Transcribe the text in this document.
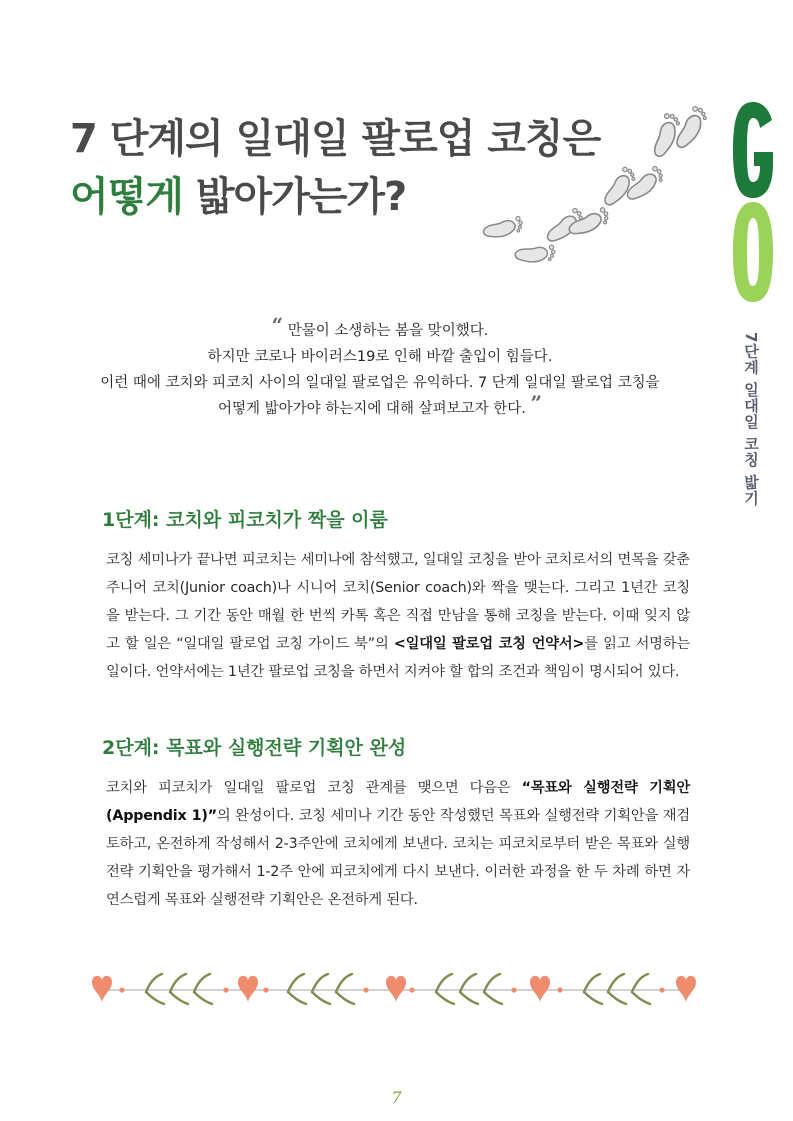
7 단계의 일대일 팔로업 코칭은
어떻게 밟아가는가?
7단계 일대일 코칭 밟기
“ 만물이 소생하는 봄을 맞이했다.
하지만 코로나 바이러스19로 인해 바깥 출입이 힘들다.
이런 때에 코치와 피코치 사이의 일대일 팔로업은 유익하다. 7 단계 일대일 팔로업 코칭을
어떻게 밟아가야 하는지에 대해 살펴보고자 한다. ”
1단계: 코치와 피코치가 짝을 이룸
코칭 세미나가 끝나면 피코치는 세미나에 참석했고, 일대일 코칭을 받아 코치로서의 면목을 갖춘 주니어 코치(Junior coach)나 시니어 코치(Senior coach)와 짝을 맺는다. 그리고 1년간 코칭을 받는다. 그 기간 동안 매월 한 번씩 카톡 혹은 직접 만남을 통해 코칭을 받는다. 이때 잊지 않고 할 일은 “일대일 팔로업 코칭 가이드 북”의 <일대일 팔로업 코칭 언약서>를 읽고 서명하는 일이다. 언약서에는 1년간 팔로업 코칭을 하면서 지켜야 할 합의 조건과 책임이 명시되어 있다.
2단계: 목표와 실행전략 기획안 완성
코치와 피코치가 일대일 팔로업 코칭 관계를 맺으면 다음은 “목표와 실행전략 기획안(Appendix 1)”의 완성이다. 코칭 세미나 기간 동안 작성했던 목표와 실행전략 기획안을 재검토하고, 온전하게 작성해서 2-3주안에 코치에게 보낸다. 코치는 피코치로부터 받은 목표와 실행전략 기획안을 평가해서 1-2주 안에 피코치에게 다시 보낸다. 이러한 과정을 한 두 차례 하면 자연스럽게 목표와 실행전략 기획안은 온전하게 된다.
7
